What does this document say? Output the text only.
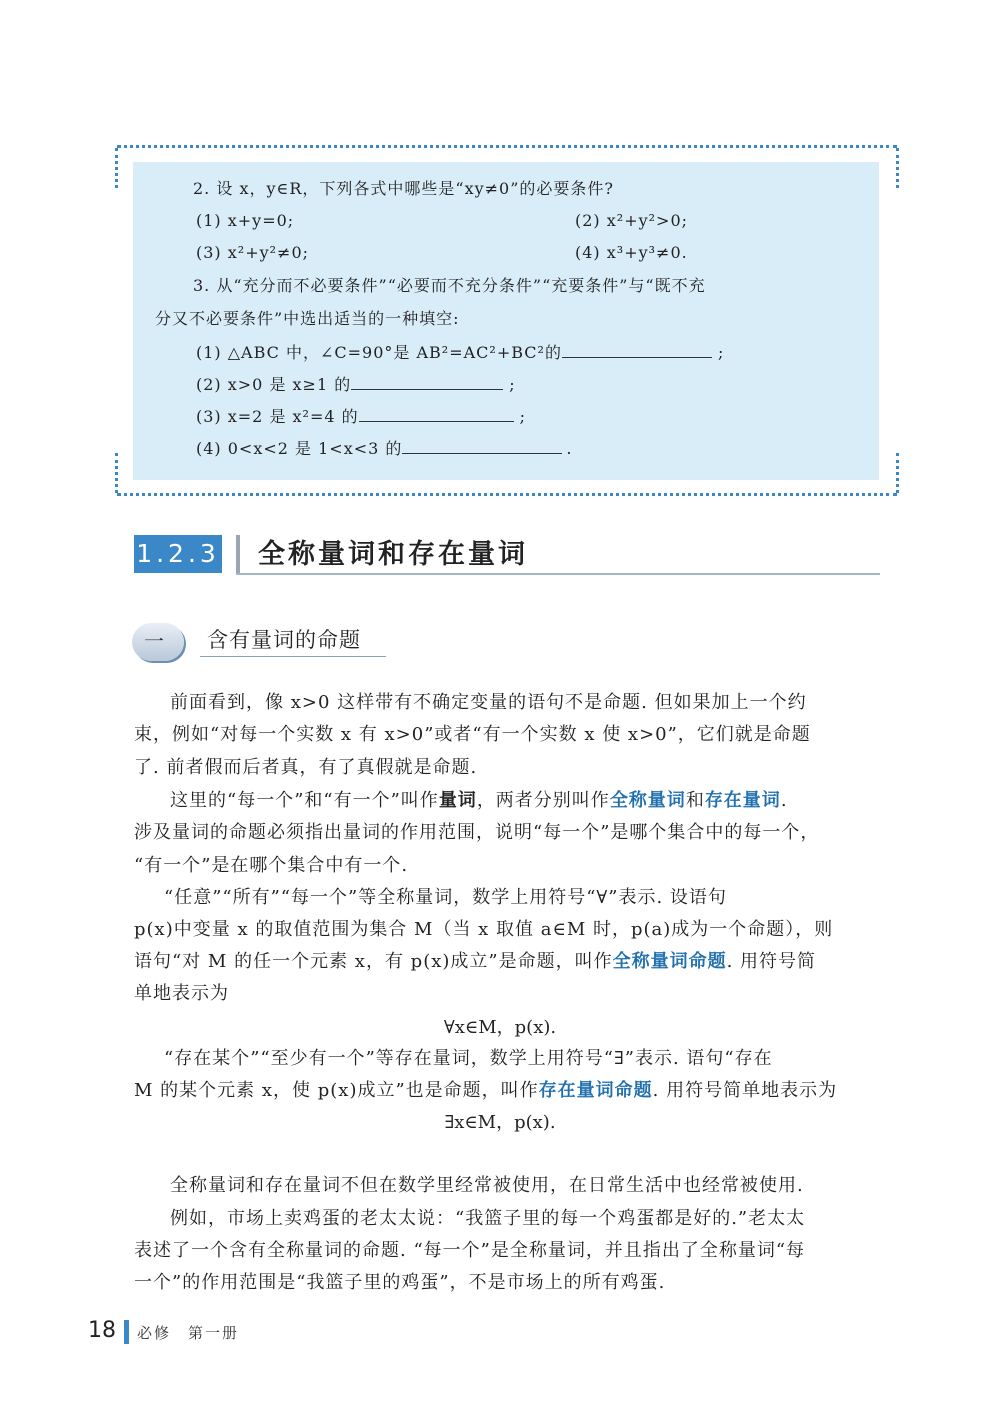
2. 设 x，y∈R，下列各式中哪些是“xy≠0”的必要条件?
(1) x+y=0;	(2) x²+y²>0;
(3) x²+y²≠0;	(4) x³+y³≠0.
3. 从“充分而不必要条件”“必要而不充分条件”“充要条件”与“既不充
分又不必要条件”中选出适当的一种填空:
(1) △ABC 中，∠C=90°是 AB²=AC²+BC²的	;
(2) x>0 是 x≥1 的	;
(3) x=2 是 x²=4 的	;
(4) 0<x<2 是 1<x<3 的	.
1.2.3 全称量词和存在量词
一	含有量词的命题
前面看到，像 x>0 这样带有不确定变量的语句不是命题. 但如果加上一个约
束，例如“对每一个实数 x 有 x>0”或者“有一个实数 x 使 x>0”，它们就是命题
了. 前者假而后者真，有了真假就是命题.
这里的“每一个”和“有一个”叫作量词，两者分别叫作全称量词和存在量词.
涉及量词的命题必须指出量词的作用范围，说明“每一个”是哪个集合中的每一个，
“有一个”是在哪个集合中有一个.
“任意”“所有”“每一个”等全称量词，数学上用符号“∀”表示. 设语句
p(x)中变量 x 的取值范围为集合 M（当 x 取值 a∈M 时，p(a)成为一个命题），则
语句“对 M 的任一个元素 x，有 p(x)成立”是命题，叫作全称量词命题. 用符号简
单地表示为
∀x∈M，p(x).
“存在某个”“至少有一个”等存在量词，数学上用符号“∃”表示. 语句“存在
M 的某个元素 x，使 p(x)成立”也是命题，叫作存在量词命题. 用符号简单地表示为
∃x∈M，p(x).
全称量词和存在量词不但在数学里经常被使用，在日常生活中也经常被使用.
例如，市场上卖鸡蛋的老太太说：“我篮子里的每一个鸡蛋都是好的.”老太太
表述了一个含有全称量词的命题. “每一个”是全称量词，并且指出了全称量词“每
一个”的作用范围是“我篮子里的鸡蛋”，不是市场上的所有鸡蛋.
18 必修　第一册
